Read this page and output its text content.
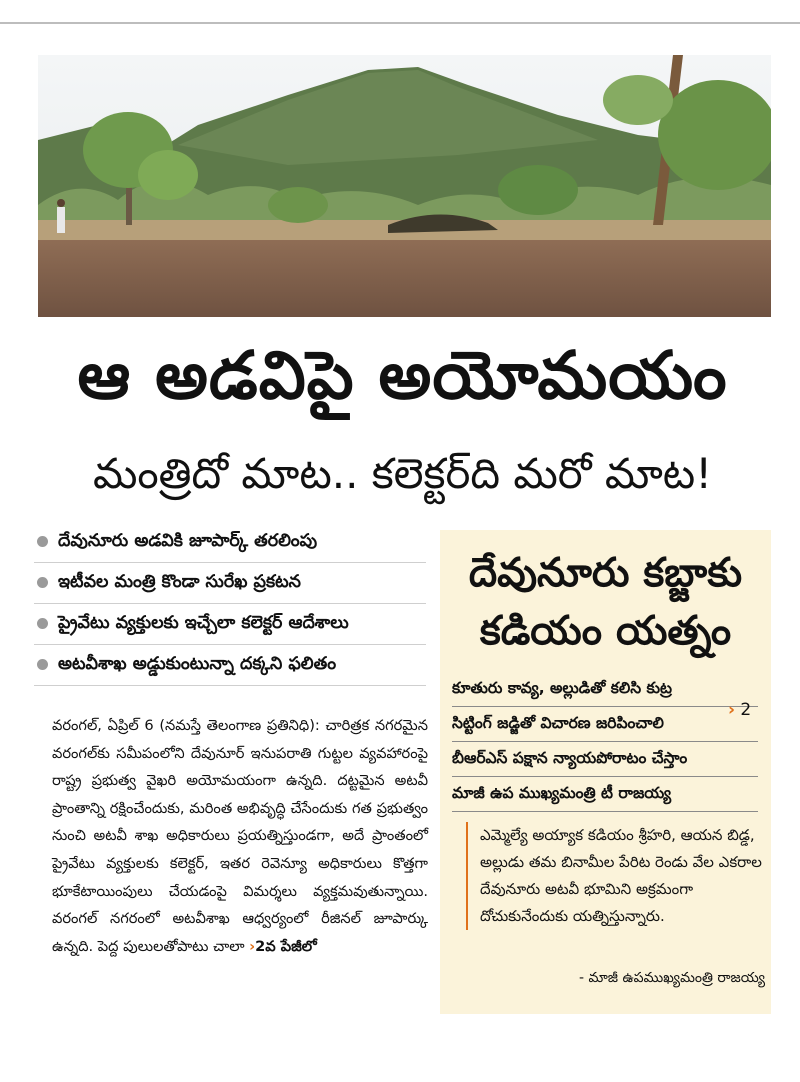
ఆ అడవిపై అయోమయం
మంత్రిదో మాట.. కలెక్టర్‌ది మరో మాట!
దేవునూరు అడవికి జూపార్క్‌ తరలింపు
ఇటీవల మంత్రి కొండా సురేఖ ప్రకటన
ప్రైవేటు వ్యక్తులకు ఇచ్చేలా కలెక్టర్‌ ఆదేశాలు
అటవీశాఖ అడ్డుకుంటున్నా దక్కని ఫలితం
వరంగల్‌, ఏప్రిల్‌ 6 (నమస్తే తెలంగాణ ప్రతినిధి): చారిత్రక నగరమైన వరంగల్‌కు సమీపంలోని దేవునూర్‌ ఇనుపరాతి గుట్టల వ్యవహారంపై రాష్ట్ర ప్రభుత్వ వైఖరి అయోమయంగా ఉన్నది. దట్టమైన అటవీ ప్రాంతాన్ని రక్షించేందుకు, మరింత అభివృద్ధి చేసేందుకు గత ప్రభుత్వం నుంచి అటవీ శాఖ అధికారులు ప్రయత్నిస్తుండగా, అదే ప్రాంతంలో ప్రైవేటు వ్యక్తులకు కలెక్టర్‌, ఇతర రెవెన్యూ అధికారులు కొత్తగా భూకేటాయింపులు చేయడంపై విమర్శలు వ్యక్తమవుతున్నాయి. వరంగల్‌ నగరంలో అటవీశాఖ ఆధ్వర్యంలో రీజినల్‌ జూపార్కు ఉన్నది. పెద్ద పులులతోపాటు చాలా ›2వ పేజీలో
దేవునూరు కబ్జాకు
కడియం యత్నం
కూతురు కావ్య, అల్లుడితో కలిసి కుట్ర
సిట్టింగ్‌ జడ్జితో విచారణ జరిపించాలి
బీఆర్‌ఎస్‌ పక్షాన న్యాయపోరాటం చేస్తాం
మాజీ ఉప ముఖ్యమంత్రి టీ రాజయ్య
› 2
ఎమ్మెల్యే అయ్యాక కడియం శ్రీహరి, ఆయన బిడ్డ, అల్లుడు తమ బినామీల పేరిట రెండు వేల ఎకరాల దేవునూరు అటవీ భూమిని అక్రమంగా దోచుకునేందుకు యత్నిస్తున్నారు.
- మాజీ ఉపముఖ్యమంత్రి రాజయ్య
